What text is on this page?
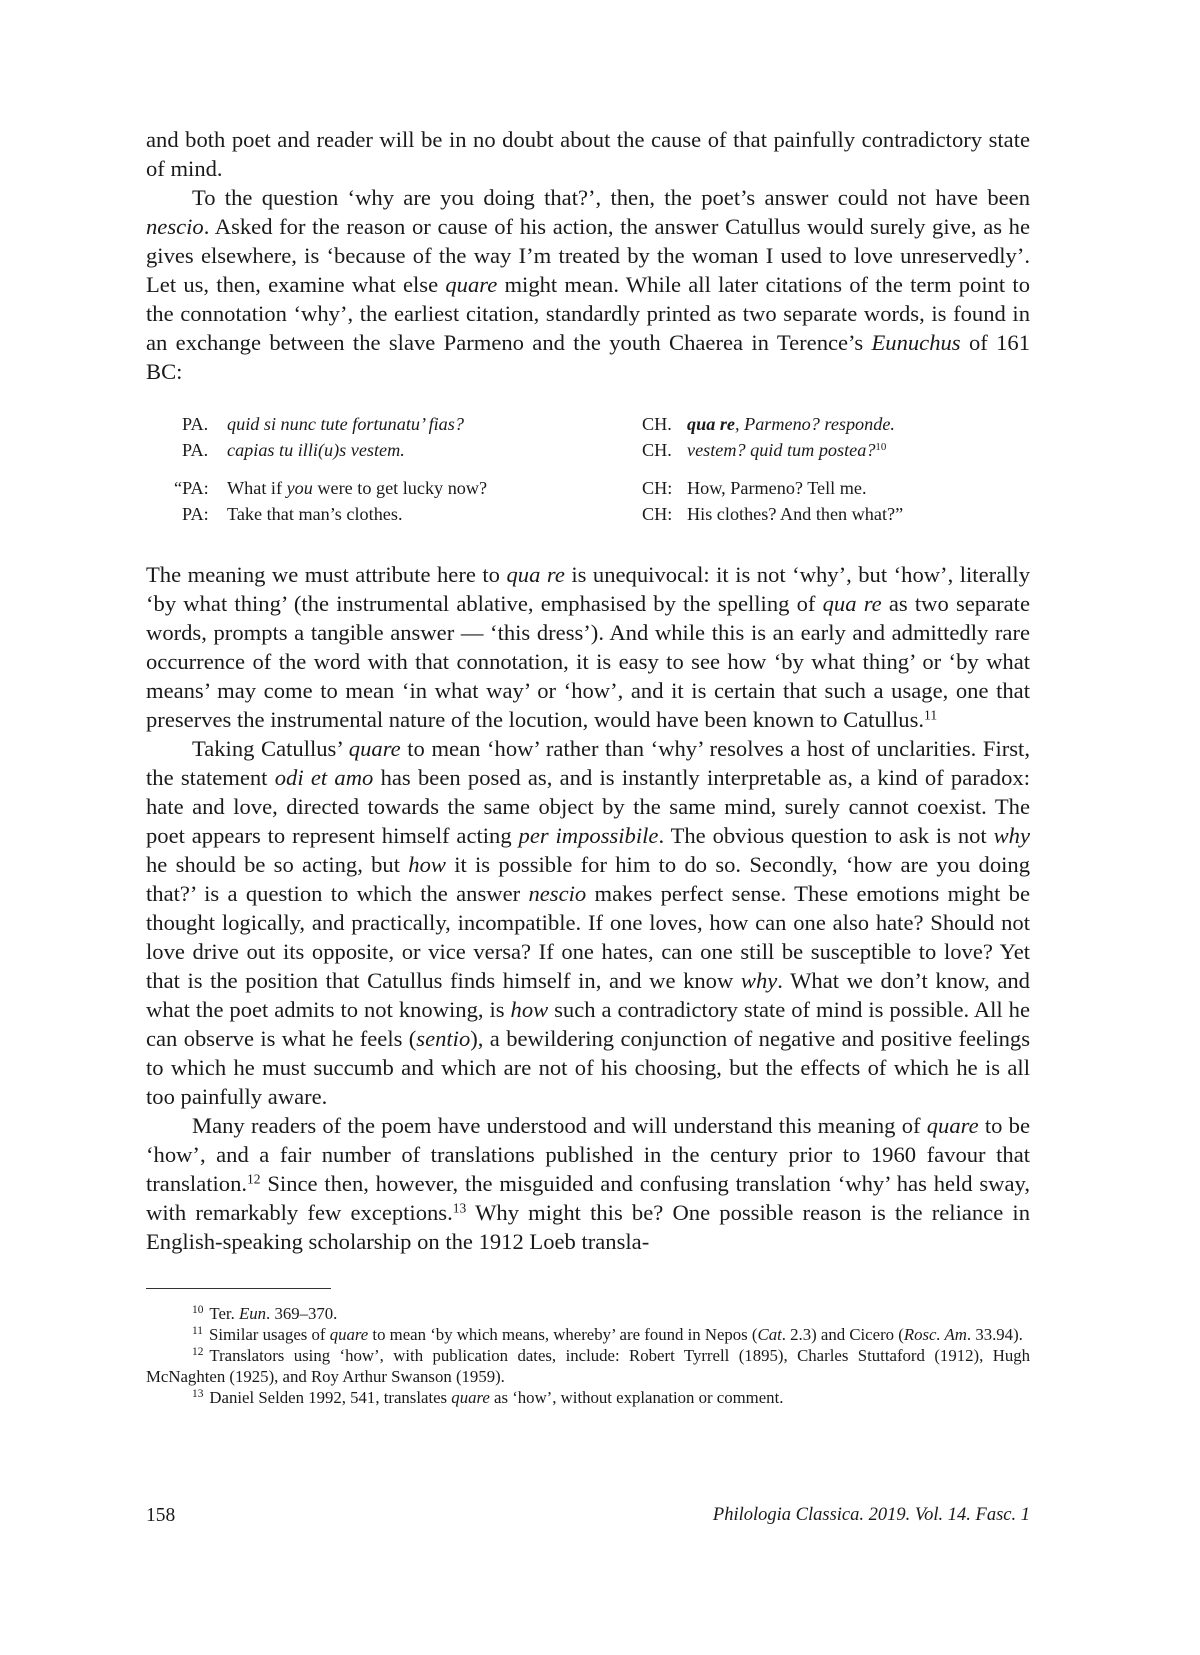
and both poet and reader will be in no doubt about the cause of that painfully contradictory state of mind.

To the question ‘why are you doing that?’, then, the poet’s answer could not have been nescio. Asked for the reason or cause of his action, the answer Catullus would surely give, as he gives elsewhere, is ‘because of the way I’m treated by the woman I used to love unreservedly’. Let us, then, examine what else quare might mean. While all later citations of the term point to the connotation ‘why’, the earliest citation, standardly printed as two separate words, is found in an exchange between the slave Parmeno and the youth Chaerea in Terence’s Eunuchus of 161 BC:

PA. quid si nunc tute fortunatu’ fias?	CH. qua re, Parmeno? responde.
PA. capias tu illi(u)s vestem.	CH. vestem? quid tum postea?$^{10}$
“PA: What if you were to get lucky now?	CH: How, Parmeno? Tell me.
PA: Take that man’s clothes.	CH: His clothes? And then what?”

The meaning we must attribute here to qua re is unequivocal: it is not ‘why’, but ‘how’, literally ‘by what thing’ (the instrumental ablative, emphasised by the spelling of qua re as two separate words, prompts a tangible answer — ‘this dress’). And while this is an early and admittedly rare occurrence of the word with that connotation, it is easy to see how ‘by what thing’ or ‘by what means’ may come to mean ‘in what way’ or ‘how’, and it is certain that such a usage, one that preserves the instrumental nature of the locution, would have been known to Catullus.$^{11}$

Taking Catullus’ quare to mean ‘how’ rather than ‘why’ resolves a host of unclarities. First, the statement odi et amo has been posed as, and is instantly interpretable as, a kind of paradox: hate and love, directed towards the same object by the same mind, surely cannot coexist. The poet appears to represent himself acting per impossibile. The obvious question to ask is not why he should be so acting, but how it is possible for him to do so. Secondly, ‘how are you doing that?’ is a question to which the answer nescio makes perfect sense. These emotions might be thought logically, and practically, incompatible. If one loves, how can one also hate? Should not love drive out its opposite, or vice versa? If one hates, can one still be susceptible to love? Yet that is the position that Catullus finds himself in, and we know why. What we don’t know, and what the poet admits to not knowing, is how such a contradictory state of mind is possible. All he can observe is what he feels (sentio), a bewildering conjunction of negative and positive feelings to which he must succumb and which are not of his choosing, but the effects of which he is all too painfully aware.

Many readers of the poem have understood and will understand this meaning of quare to be ‘how’, and a fair number of translations published in the century prior to 1960 favour that translation.$^{12}$ Since then, however, the misguided and confusing translation ‘why’ has held sway, with remarkably few exceptions.$^{13}$ Why might this be? One possible reason is the reliance in English-speaking scholarship on the 1912 Loeb transla-

$^{10}$ Ter. Eun. 369–370.

$^{11}$ Similar usages of quare to mean ‘by which means, whereby’ are found in Nepos (Cat. 2.3) and Cicero (Rosc. Am. 33.94).

$^{12}$ Translators using ‘how’, with publication dates, include: Robert Tyrrell (1895), Charles Stuttaford (1912), Hugh McNaghten (1925), and Roy Arthur Swanson (1959).

$^{13}$ Daniel Selden 1992, 541, translates quare as ‘how’, without explanation or comment.

158	Philologia Classica. 2019. Vol. 14. Fasc. 1
